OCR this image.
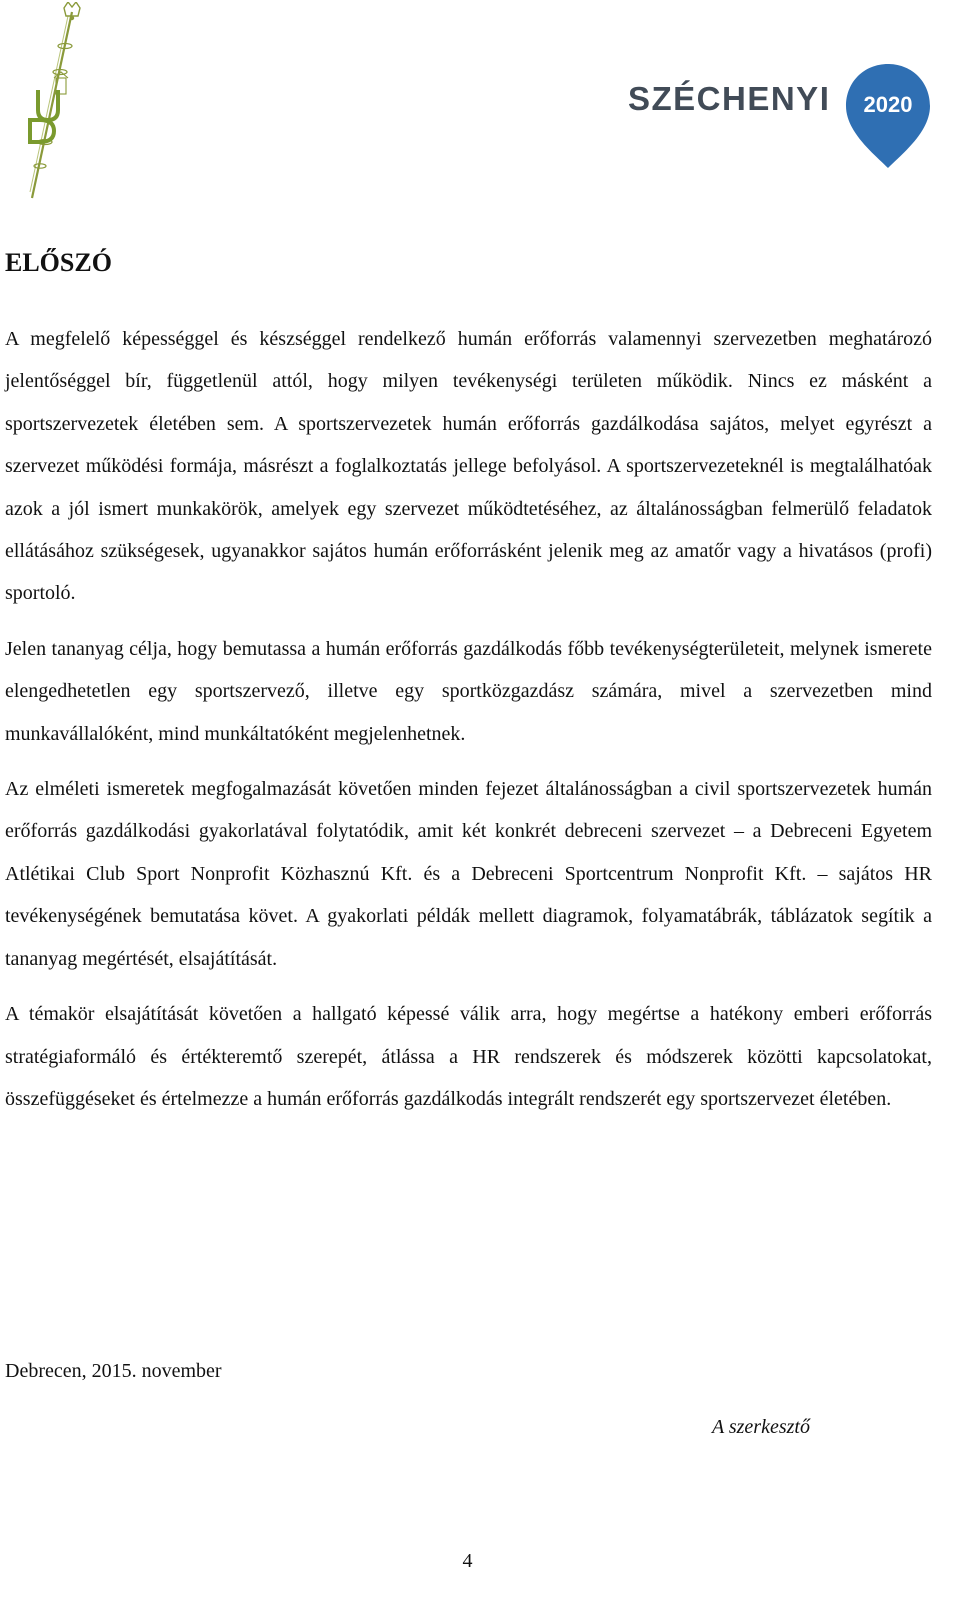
SZÉCHENYI 2020
ELŐSZÓ

A megfelelő képességgel és készséggel rendelkező humán erőforrás valamennyi szervezetben meghatározó jelentőséggel bír, függetlenül attól, hogy milyen tevékenységi területen működik. Nincs ez másként a sportszervezetek életében sem. A sportszervezetek humán erőforrás gazdálkodása sajátos, melyet egyrészt a szervezet működési formája, másrészt a foglalkoztatás jellege befolyásol. A sportszervezeteknél is megtalálhatóak azok a jól ismert munkakörök, amelyek egy szervezet működtetéséhez, az általánosságban felmerülő feladatok ellátásához szükségesek, ugyanakkor sajátos humán erőforrásként jelenik meg az amatőr vagy a hivatásos (profi) sportoló.

Jelen tananyag célja, hogy bemutassa a humán erőforrás gazdálkodás főbb tevékenységterületeit, melynek ismerete elengedhetetlen egy sportszervező, illetve egy sportközgazdász számára, mivel a szervezetben mind munkavállalóként, mind munkáltatóként megjelenhetnek.

Az elméleti ismeretek megfogalmazását követően minden fejezet általánosságban a civil sportszervezetek humán erőforrás gazdálkodási gyakorlatával folytatódik, amit két konkrét debreceni szervezet – a Debreceni Egyetem Atlétikai Club Sport Nonprofit Közhasznú Kft. és a Debreceni Sportcentrum Nonprofit Kft. – sajátos HR tevékenységének bemutatása követ. A gyakorlati példák mellett diagramok, folyamatábrák, táblázatok segítik a tananyag megértését, elsajátítását.

A témakör elsajátítását követően a hallgató képessé válik arra, hogy megértse a hatékony emberi erőforrás stratégiaformáló és értékteremtő szerepét, átlássa a HR rendszerek és módszerek közötti kapcsolatokat, összefüggéseket és értelmezze a humán erőforrás gazdálkodás integrált rendszerét egy sportszervezet életében.

Debrecen, 2015. november
A szerkesztő
4
